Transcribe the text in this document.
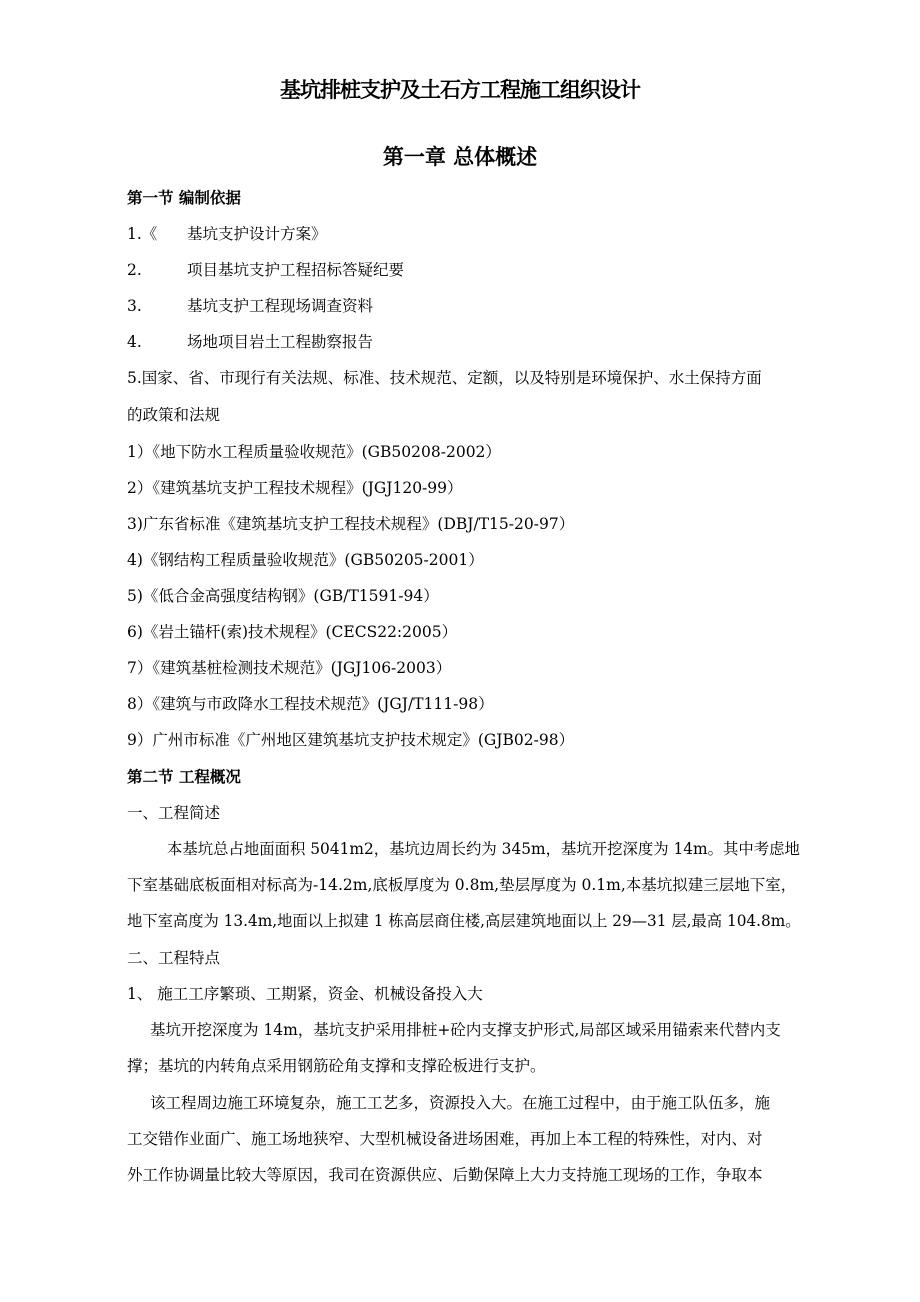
基坑排桩支护及土石方工程施工组织设计
第一章 总体概述
第一节 编制依据
1.《 基坑支护设计方案》
2.	项目基坑支护工程招标答疑纪要
3.	基坑支护工程现场调查资料
4.	场地项目岩土工程勘察报告
5.国家、省、市现行有关法规、标准、技术规范、定额，以及特别是环境保护、水土保持方面
的政策和法规
1）《地下防水工程质量验收规范》(GB50208-2002）
2）《建筑基坑支护工程技术规程》(JGJ120-99）
3)广东省标准《建筑基坑支护工程技术规程》(DBJ/T15-20-97）
4)《钢结构工程质量验收规范》(GB50205-2001）
5)《低合金高强度结构钢》(GB/T1591-94）
6)《岩土锚杆(索)技术规程》(CECS22:2005）
7）《建筑基桩检测技术规范》(JGJ106-2003）
8）《建筑与市政降水工程技术规范》(JGJ/T111-98）
9）广州市标准《广州地区建筑基坑支护技术规定》(GJB02-98）
第二节 工程概况
一、工程简述
本基坑总占地面面积 5041m2，基坑边周长约为 345m，基坑开挖深度为 14m。其中考虑地
下室基础底板面相对标高为-14.2m,底板厚度为 0.8m,垫层厚度为 0.1m,本基坑拟建三层地下室，
地下室高度为 13.4m,地面以上拟建 1 栋高层商住楼,高层建筑地面以上 29—31 层,最高 104.8m。
二、工程特点
1、 施工工序繁琐、工期紧，资金、机械设备投入大
基坑开挖深度为 14m，基坑支护采用排桩+砼内支撑支护形式,局部区域采用锚索来代替内支
撑；基坑的内转角点采用钢筋砼角支撑和支撑砼板进行支护。
该工程周边施工环境复杂，施工工艺多，资源投入大。在施工过程中，由于施工队伍多，施
工交错作业面广、施工场地狭窄、大型机械设备进场困难，再加上本工程的特殊性，对内、对
外工作协调量比较大等原因，我司在资源供应、后勤保障上大力支持施工现场的工作，争取本
